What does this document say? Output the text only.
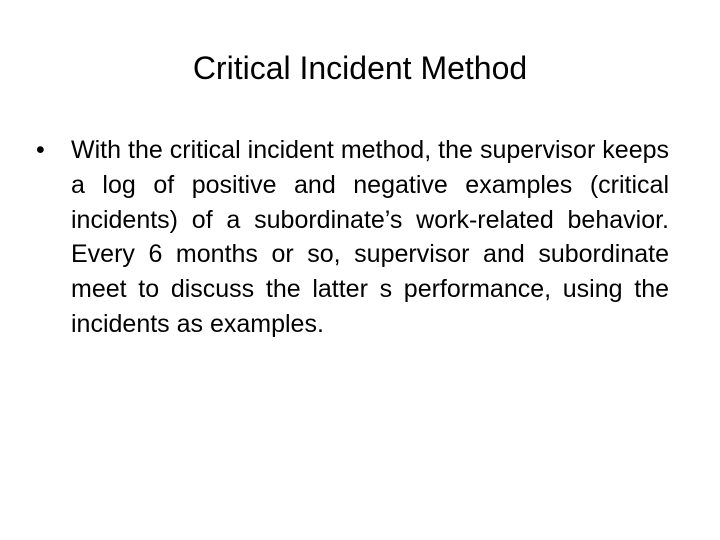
Critical Incident Method
•	With the critical incident method, the supervisor keeps a log of positive and negative examples (critical incidents) of a subordinate’s work-related behavior. Every 6 months or so, supervisor and subordinate meet to discuss the latter s performance, using the incidents as examples.
